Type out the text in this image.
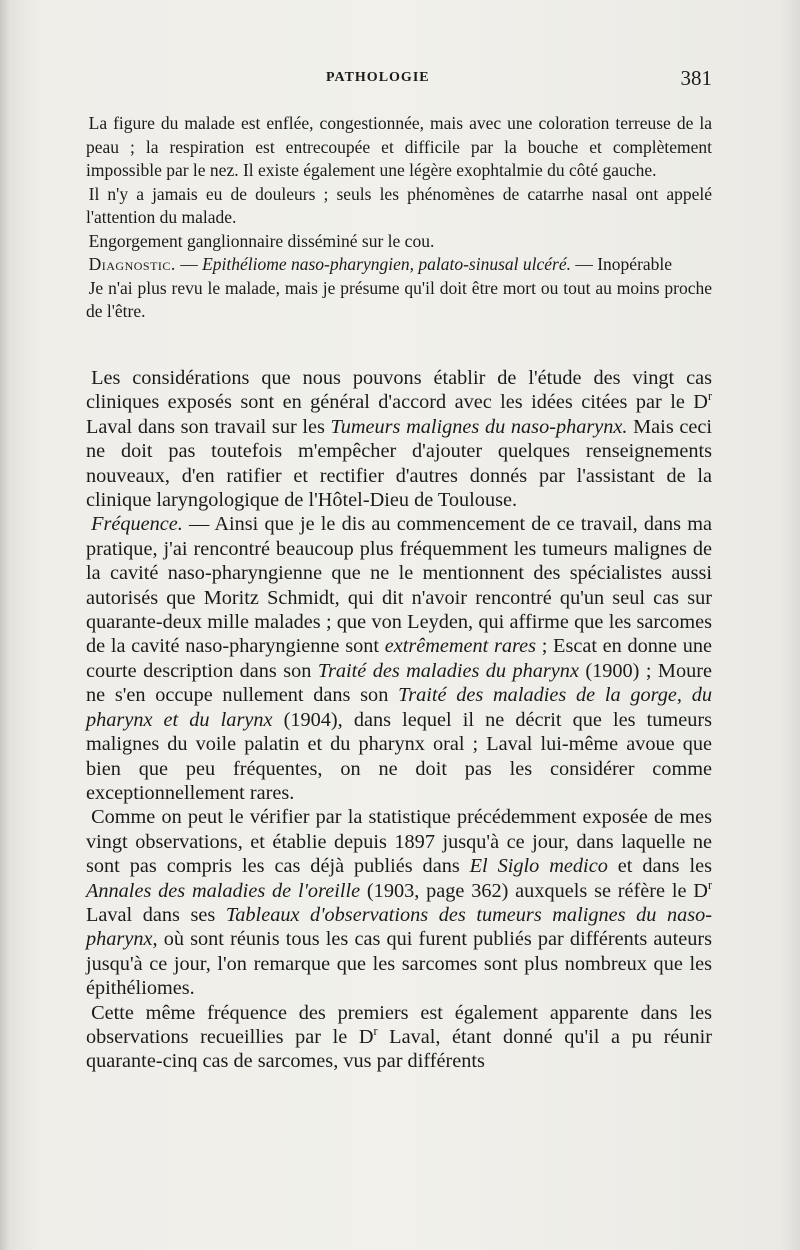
PATHOLOGIE	381

La figure du malade est enflée, congestionnée, mais avec une coloration terreuse de la peau ; la respiration est entrecoupée et difficile par la bouche et complètement impossible par le nez. Il existe également une légère exophtalmie du côté gauche.

Il n'y a jamais eu de douleurs ; seuls les phénomènes de catarrhe nasal ont appelé l'attention du malade.

Engorgement ganglionnaire disséminé sur le cou.

Diagnostic. — Epithéliome naso-pharyngien, palato-sinusal ulcéré. — Inopérable

Je n'ai plus revu le malade, mais je présume qu'il doit être mort ou tout au moins proche de l'être.

Les considérations que nous pouvons établir de l'étude des vingt cas cliniques exposés sont en général d'accord avec les idées citées par le $D^r$ Laval dans son travail sur les Tumeurs malignes du naso-pharynx. Mais ceci ne doit pas toutefois m'empêcher d'ajouter quelques renseignements nouveaux, d'en ratifier et rectifier d'autres donnés par l'assistant de la clinique laryngologique de l'Hôtel-Dieu de Toulouse.

Fréquence. — Ainsi que je le dis au commencement de ce travail, dans ma pratique, j'ai rencontré beaucoup plus fréquemment les tumeurs malignes de la cavité naso-pharyngienne que ne le mentionnent des spécialistes aussi autorisés que Moritz Schmidt, qui dit n'avoir rencontré qu'un seul cas sur quarante-deux mille malades ; que von Leyden, qui affirme que les sarcomes de la cavité naso-pharyngienne sont extrêmement rares ; Escat en donne une courte description dans son Traité des maladies du pharynx (1900) ; Moure ne s'en occupe nullement dans son Traité des maladies de la gorge, du pharynx et du larynx (1904), dans lequel il ne décrit que les tumeurs malignes du voile palatin et du pharynx oral ; Laval lui-même avoue que bien que peu fréquentes, on ne doit pas les considérer comme exceptionnellement rares.

Comme on peut le vérifier par la statistique précédemment exposée de mes vingt observations, et établie depuis 1897 jusqu'à ce jour, dans laquelle ne sont pas compris les cas déjà publiés dans El Siglo medico et dans les Annales des maladies de l'oreille (1903, page 362) auxquels se réfère le $D^r$ Laval dans ses Tableaux d'observations des tumeurs malignes du naso-pharynx, où sont réunis tous les cas qui furent publiés par différents auteurs jusqu'à ce jour, l'on remarque que les sarcomes sont plus nombreux que les épithéliomes.

Cette même fréquence des premiers est également apparente dans les observations recueillies par le $D^r$ Laval, étant donné qu'il a pu réunir quarante-cinq cas de sarcomes, vus par différents
